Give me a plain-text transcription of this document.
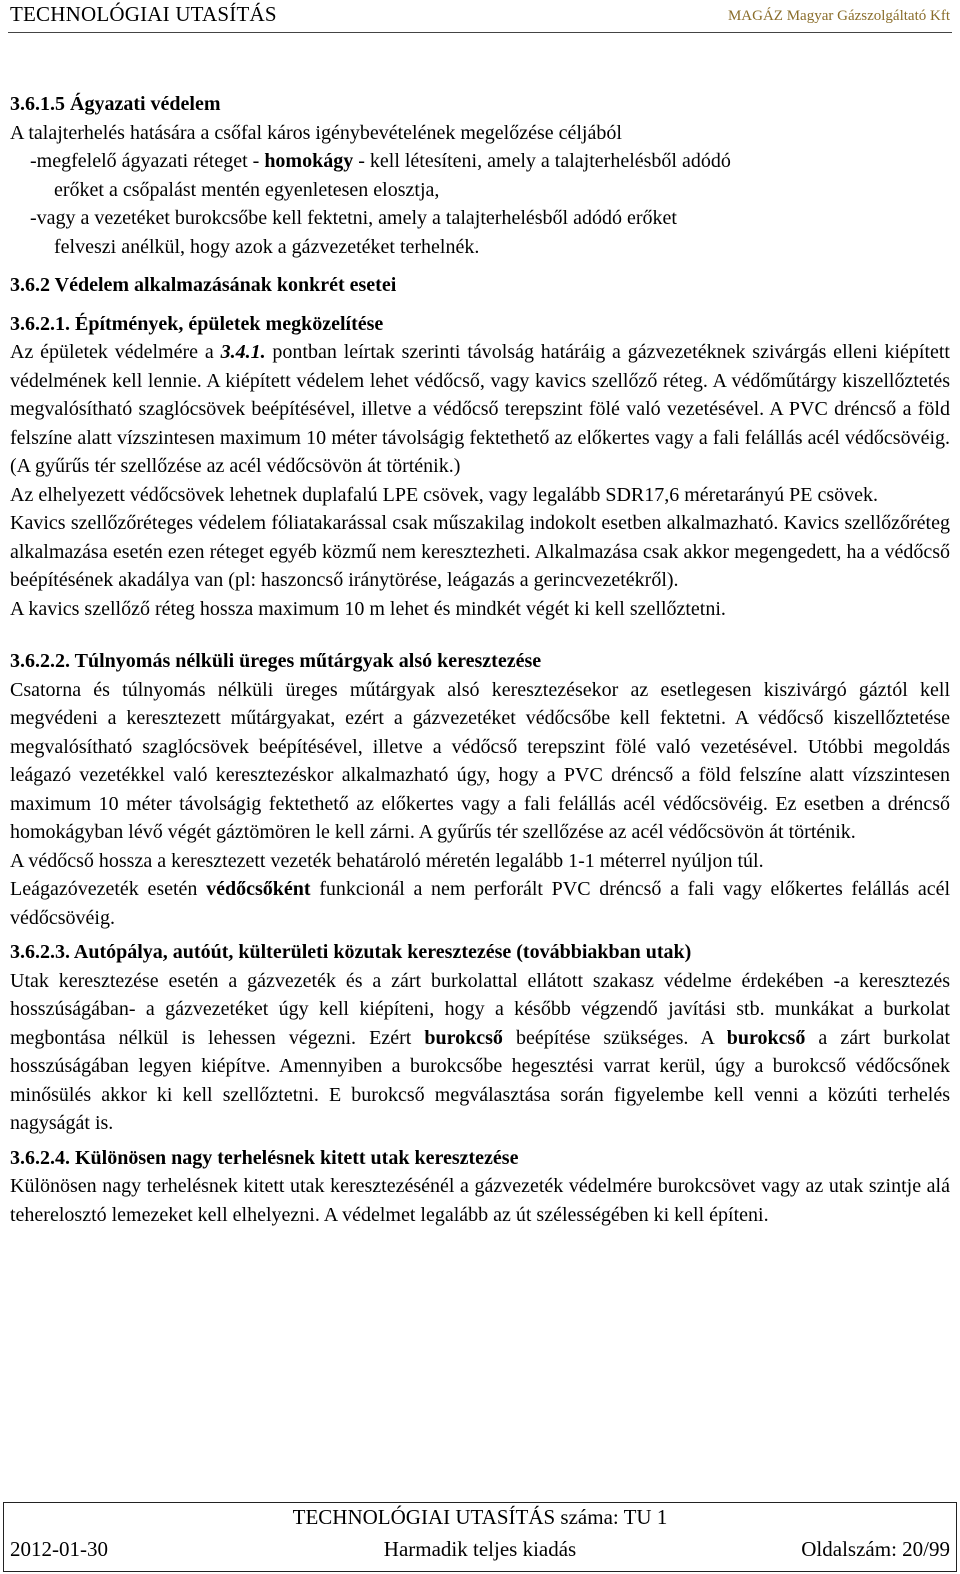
TECHNOLÓGIAI UTASÍTÁS	MAGÁZ Magyar Gázszolgáltató Kft

3.6.1.5 Ágyazati védelem

A talajterhelés hatására a csőfal káros igénybevételének megelőzése céljából

-megfelelő ágyazati réteget - homokágy - kell létesíteni, amely a talajterhelésből adódó

erőket a csőpalást mentén egyenletesen elosztja,

-vagy a vezetéket burokcsőbe kell fektetni, amely a talajterhelésből adódó erőket

felveszi anélkül, hogy azok a gázvezetéket terhelnék.

3.6.2 Védelem alkalmazásának konkrét esetei

3.6.2.1. Építmények, épületek megközelítése

Az épületek védelmére a 3.4.1. pontban leírtak szerinti távolság határáig a gázvezetéknek szivárgás elleni kiépített védelmének kell lennie. A kiépített védelem lehet védőcső, vagy kavics szellőző réteg. A védőműtárgy kiszellőztetés megvalósítható szaglócsövek beépítésével, illetve a védőcső terepszint fölé való vezetésével. A PVC dréncső a föld felszíne alatt vízszintesen maximum 10 méter távolságig fektethető az előkertes vagy a fali felállás acél védőcsövéig. (A gyűrűs tér szellőzése az acél védőcsövön át történik.)

Az elhelyezett védőcsövek lehetnek duplafalú LPE csövek, vagy legalább SDR17,6 méretarányú PE csövek.

Kavics szellőzőréteges védelem fóliatakarással csak műszakilag indokolt esetben alkalmazható. Kavics szellőzőréteg alkalmazása esetén ezen réteget egyéb közmű nem keresztezheti. Alkalmazása csak akkor megengedett, ha a védőcső beépítésének akadálya van (pl: haszoncső iránytörése, leágazás a gerincvezetékről).

A kavics szellőző réteg hossza maximum 10 m lehet és mindkét végét ki kell szellőztetni.

3.6.2.2. Túlnyomás nélküli üreges műtárgyak alsó keresztezése

Csatorna és túlnyomás nélküli üreges műtárgyak alsó keresztezésekor az esetlegesen kiszivárgó gáztól kell megvédeni a keresztezett műtárgyakat, ezért a gázvezetéket védőcsőbe kell fektetni. A védőcső kiszellőztetése megvalósítható szaglócsövek beépítésével, illetve a védőcső terepszint fölé való vezetésével. Utóbbi megoldás leágazó vezetékkel való keresztezéskor alkalmazható úgy, hogy a PVC dréncső a föld felszíne alatt vízszintesen maximum 10 méter távolságig fektethető az előkertes vagy a fali felállás acél védőcsövéig. Ez esetben a dréncső homokágyban lévő végét gáztömören le kell zárni. A gyűrűs tér szellőzése az acél védőcsövön át történik.

A védőcső hossza a keresztezett vezeték behatároló méretén legalább 1-1 méterrel nyúljon túl.

Leágazóvezeték esetén védőcsőként funkcionál a nem perforált PVC dréncső a fali vagy előkertes felállás acél védőcsövéig.

3.6.2.3. Autópálya, autóút, külterületi közutak keresztezése (továbbiakban utak)

Utak keresztezése esetén a gázvezeték és a zárt burkolattal ellátott szakasz védelme érdekében -a keresztezés hosszúságában- a gázvezetéket úgy kell kiépíteni, hogy a később végzendő javítási stb. munkákat a burkolat megbontása nélkül is lehessen végezni. Ezért burokcső beépítése szükséges. A burokcső a zárt burkolat hosszúságában legyen kiépítve. Amennyiben a burokcsőbe hegesztési varrat kerül, úgy a burokcső védőcsőnek minősülés akkor ki kell szellőztetni. E burokcső megválasztása során figyelembe kell venni a közúti terhelés nagyságát is.

3.6.2.4. Különösen nagy terhelésnek kitett utak keresztezése

Különösen nagy terhelésnek kitett utak keresztezésénél a gázvezeték védelmére burokcsövet vagy az utak szintje alá teherelosztó lemezeket kell elhelyezni. A védelmet legalább az út szélességében ki kell építeni.

TECHNOLÓGIAI UTASÍTÁS száma: TU 1
2012-01-30	Harmadik teljes kiadás	Oldalszám: 20/99
